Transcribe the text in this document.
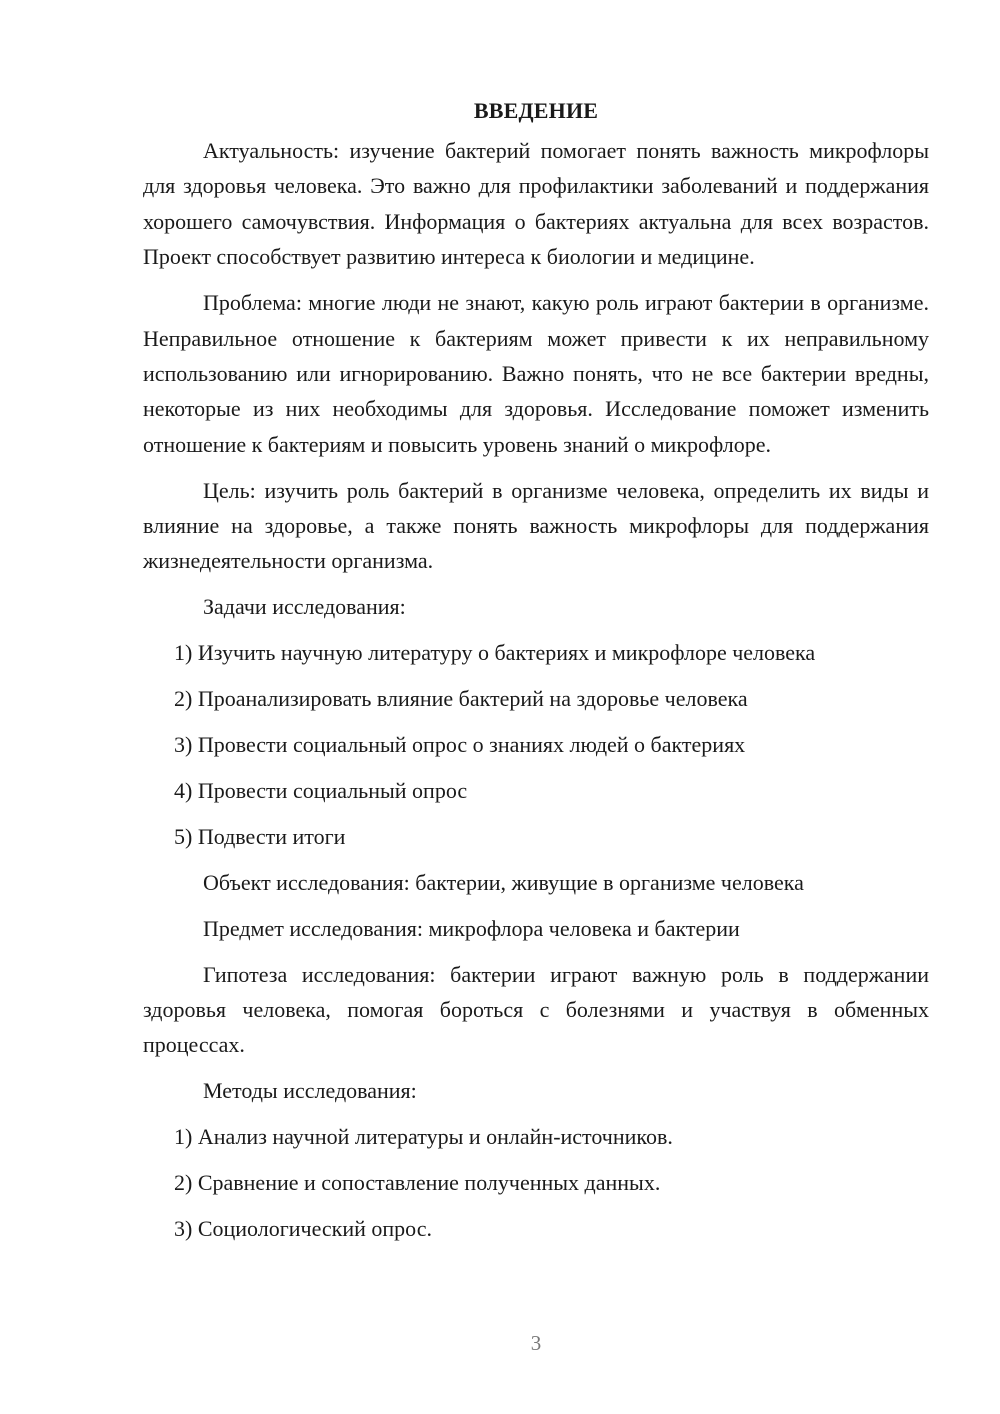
ВВЕДЕНИЕ

Актуальность: изучение бактерий помогает понять важность микрофлоры для здоровья человека. Это важно для профилактики заболеваний и поддержания хорошего самочувствия. Информация о бактериях актуальна для всех возрастов. Проект способствует развитию интереса к биологии и медицине.

Проблема: многие люди не знают, какую роль играют бактерии в организме. Неправильное отношение к бактериям может привести к их неправильному использованию или игнорированию. Важно понять, что не все бактерии вредны, некоторые из них необходимы для здоровья. Исследование поможет изменить отношение к бактериям и повысить уровень знаний о микрофлоре.

Цель: изучить роль бактерий в организме человека, определить их виды и влияние на здоровье, а также понять важность микрофлоры для поддержания жизнедеятельности организма.

Задачи исследования:

1) Изучить научную литературу о бактериях и микрофлоре человека

2) Проанализировать влияние бактерий на здоровье человека

3) Провести социальный опрос о знаниях людей о бактериях

4) Провести социальный опрос

5) Подвести итоги

Объект исследования: бактерии, живущие в организме человека

Предмет исследования: микрофлора человека и бактерии

Гипотеза исследования: бактерии играют важную роль в поддержании здоровья человека, помогая бороться с болезнями и участвуя в обменных процессах.

Методы исследования:

1) Анализ научной литературы и онлайн-источников.

2) Сравнение и сопоставление полученных данных.

3) Социологический опрос.

3
